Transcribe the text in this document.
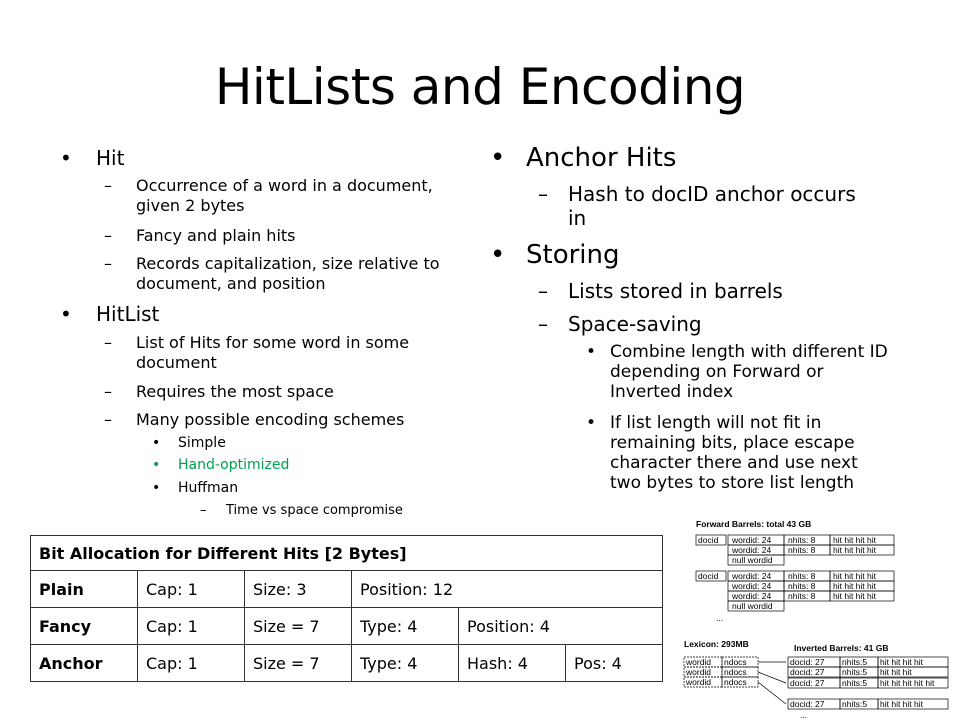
HitLists and Encoding
•	Hit
–	Occurrence of a word in a document, given 2 bytes
–	Fancy and plain hits
–	Records capitalization, size relative to document, and position
•	HitList
–	List of Hits for some word in some document
–	Requires the most space
–	Many possible encoding schemes
•	Simple
•	Hand-optimized
•	Huffman
–	Time vs space compromise
• Anchor Hits
–	Hash to docID anchor occurs in
• Storing
–	Lists stored in barrels
–	Space-saving
• Combine length with different ID depending on Forward or Inverted index
• If list length will not fit in remaining bits, place escape character there and use next two bytes to store list length
Bit Allocation for Different Hits [2 Bytes]					
Plain	Cap: 1	Size: 3	Position: 12		
Fancy	Cap: 1	Size = 7	Type: 4	Position: 4	
Anchor	Cap: 1	Size = 7	Type: 4	Hash: 4	Pos: 4
Forward Barrels: total 43 GB
docid wordid: 24 nhits: 8 hit hit hit hit
wordid: 24 nhits: 8 hit hit hit hit
null wordid
docid wordid: 24 nhits: 8 hit hit hit hit
wordid: 24 nhits: 8 hit hit hit hit
wordid: 24 nhits: 8 hit hit hit hit
null wordid
...
Lexicon: 293MB	Inverted Barrels: 41 GB
wordid ndocs
wordid ndocs
wordid ndocs
docid: 27 nhits:5 hit hit hit hit
docid: 27 nhits:5 hit hit hit
docid: 27 nhits:5 hit hit hit hit hit
docid: 27 nhits:5 hit hit hit hit
...
